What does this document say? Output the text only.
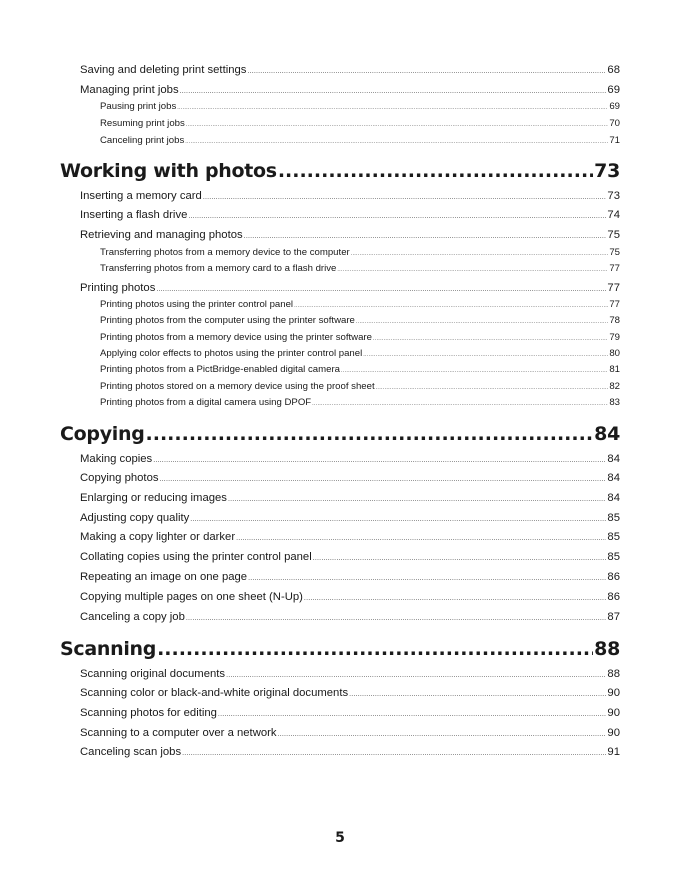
Saving and deleting print settings .....	68
Managing print jobs .....	69
Pausing print jobs .....	69
Resuming print jobs .....	70
Canceling print jobs .....	71
Working with photos .....	73
Inserting a memory card .....	73
Inserting a flash drive .....	74
Retrieving and managing photos .....	75
Transferring photos from a memory device to the computer .....	75
Transferring photos from a memory card to a flash drive .....	77
Printing photos .....	77
Printing photos using the printer control panel .....	77
Printing photos from the computer using the printer software .....	78
Printing photos from a memory device using the printer software .....	79
Applying color effects to photos using the printer control panel .....	80
Printing photos from a PictBridge-enabled digital camera .....	81
Printing photos stored on a memory device using the proof sheet .....	82
Printing photos from a digital camera using DPOF .....	83
Copying .....	84
Making copies .....	84
Copying photos .....	84
Enlarging or reducing images .....	84
Adjusting copy quality .....	85
Making a copy lighter or darker .....	85
Collating copies using the printer control panel .....	85
Repeating an image on one page .....	86
Copying multiple pages on one sheet (N-Up) .....	86
Canceling a copy job .....	87
Scanning .....	88
Scanning original documents .....	88
Scanning color or black-and-white original documents .....	90
Scanning photos for editing .....	90
Scanning to a computer over a network .....	90
Canceling scan jobs .....	91
5
